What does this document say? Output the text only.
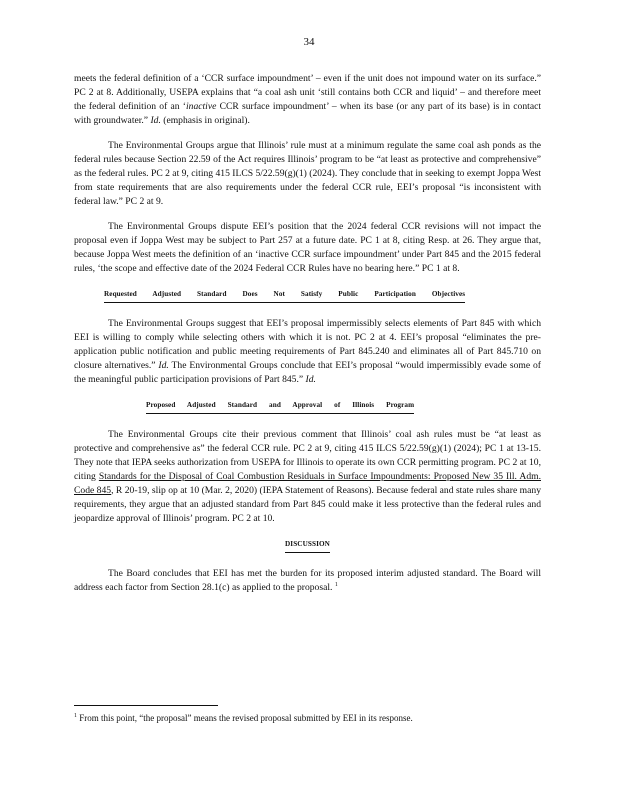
34

meets the federal definition of a ‘CCR surface impoundment’ – even if the unit does not impound water on its surface.” PC 2 at 8. Additionally, USEPA explains that “a coal ash unit ‘still contains both CCR and liquid’ – and therefore meet the federal definition of an ‘inactive CCR surface impoundment’ – when its base (or any part of its base) is in contact with groundwater.” Id. (emphasis in original).

The Environmental Groups argue that Illinois’ rule must at a minimum regulate the same coal ash ponds as the federal rules because Section 22.59 of the Act requires Illinois’ program to be “at least as protective and comprehensive” as the federal rules. PC 2 at 9, citing 415 ILCS 5/22.59(g)(1) (2024). They conclude that in seeking to exempt Joppa West from state requirements that are also requirements under the federal CCR rule, EEI’s proposal “is inconsistent with federal law.” PC 2 at 9.

The Environmental Groups dispute EEI’s position that the 2024 federal CCR revisions will not impact the proposal even if Joppa West may be subject to Part 257 at a future date. PC 1 at 8, citing Resp. at 26. They argue that, because Joppa West meets the definition of an ‘inactive CCR surface impoundment’ under Part 845 and the 2015 federal rules, ‘the scope and effective date of the 2024 Federal CCR Rules have no bearing here.” PC 1 at 8.

Requested Adjusted Standard Does Not Satisfy Public Participation Objectives

The Environmental Groups suggest that EEI’s proposal impermissibly selects elements of Part 845 with which EEI is willing to comply while selecting others with which it is not. PC 2 at 4. EEI’s proposal “eliminates the pre-application public notification and public meeting requirements of Part 845.240 and eliminates all of Part 845.710 on closure alternatives.” Id. The Environmental Groups conclude that EEI’s proposal “would impermissibly evade some of the meaningful public participation provisions of Part 845.” Id.

Proposed Adjusted Standard and Approval of Illinois Program

The Environmental Groups cite their previous comment that Illinois’ coal ash rules must be “at least as protective and comprehensive as” the federal CCR rule. PC 2 at 9, citing 415 ILCS 5/22.59(g)(1) (2024); PC 1 at 13-15. They note that IEPA seeks authorization from USEPA for Illinois to operate its own CCR permitting program. PC 2 at 10, citing Standards for the Disposal of Coal Combustion Residuals in Surface Impoundments: Proposed New 35 Ill. Adm. Code 845, R 20-19, slip op at 10 (Mar. 2, 2020) (IEPA Statement of Reasons). Because federal and state rules share many requirements, they argue that an adjusted standard from Part 845 could make it less protective than the federal rules and jeopardize approval of Illinois’ program. PC 2 at 10.

DISCUSSION

The Board concludes that EEI has met the burden for its proposed interim adjusted standard. The Board will address each factor from Section 28.1(c) as applied to the proposal. $^1$

$^1$ From this point, “the proposal” means the revised proposal submitted by EEI in its response.
